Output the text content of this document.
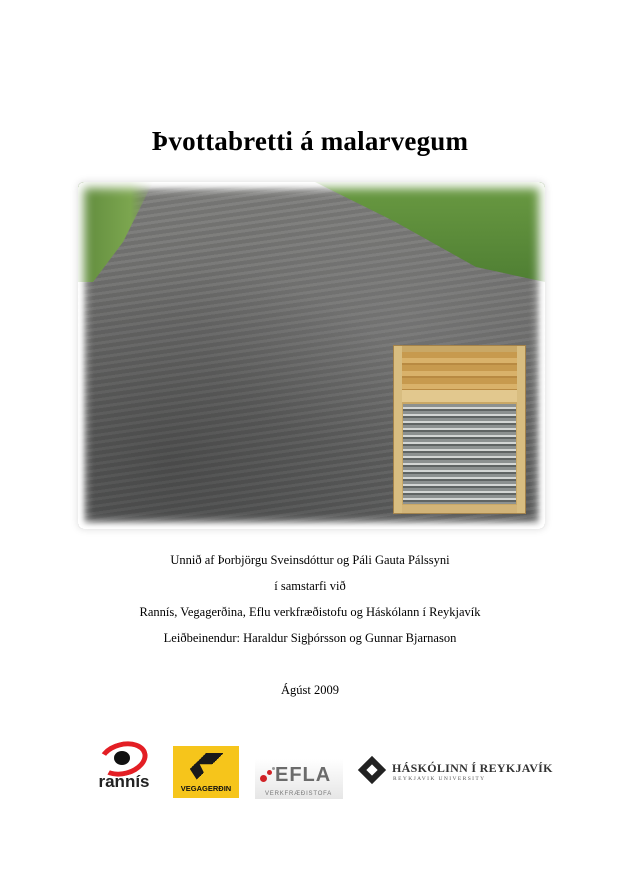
Þvottabretti á malarvegum
Unnið af Þorbjörgu Sveinsdóttur og Páli Gauta Pálssyni
í samstarfi við
Rannís, Vegagerðina, Eflu verkfræðistofu og Háskólann í Reykjavík
Leiðbeinendur: Haraldur Sigþórsson og Gunnar Bjarnason
Ágúst 2009
rannís	VEGAGERÐIN
EFLA
VERKFRÆÐISTOFA
HÁSKÓLINN Í REYKJAVÍK
REYKJAVIK UNIVERSITY
